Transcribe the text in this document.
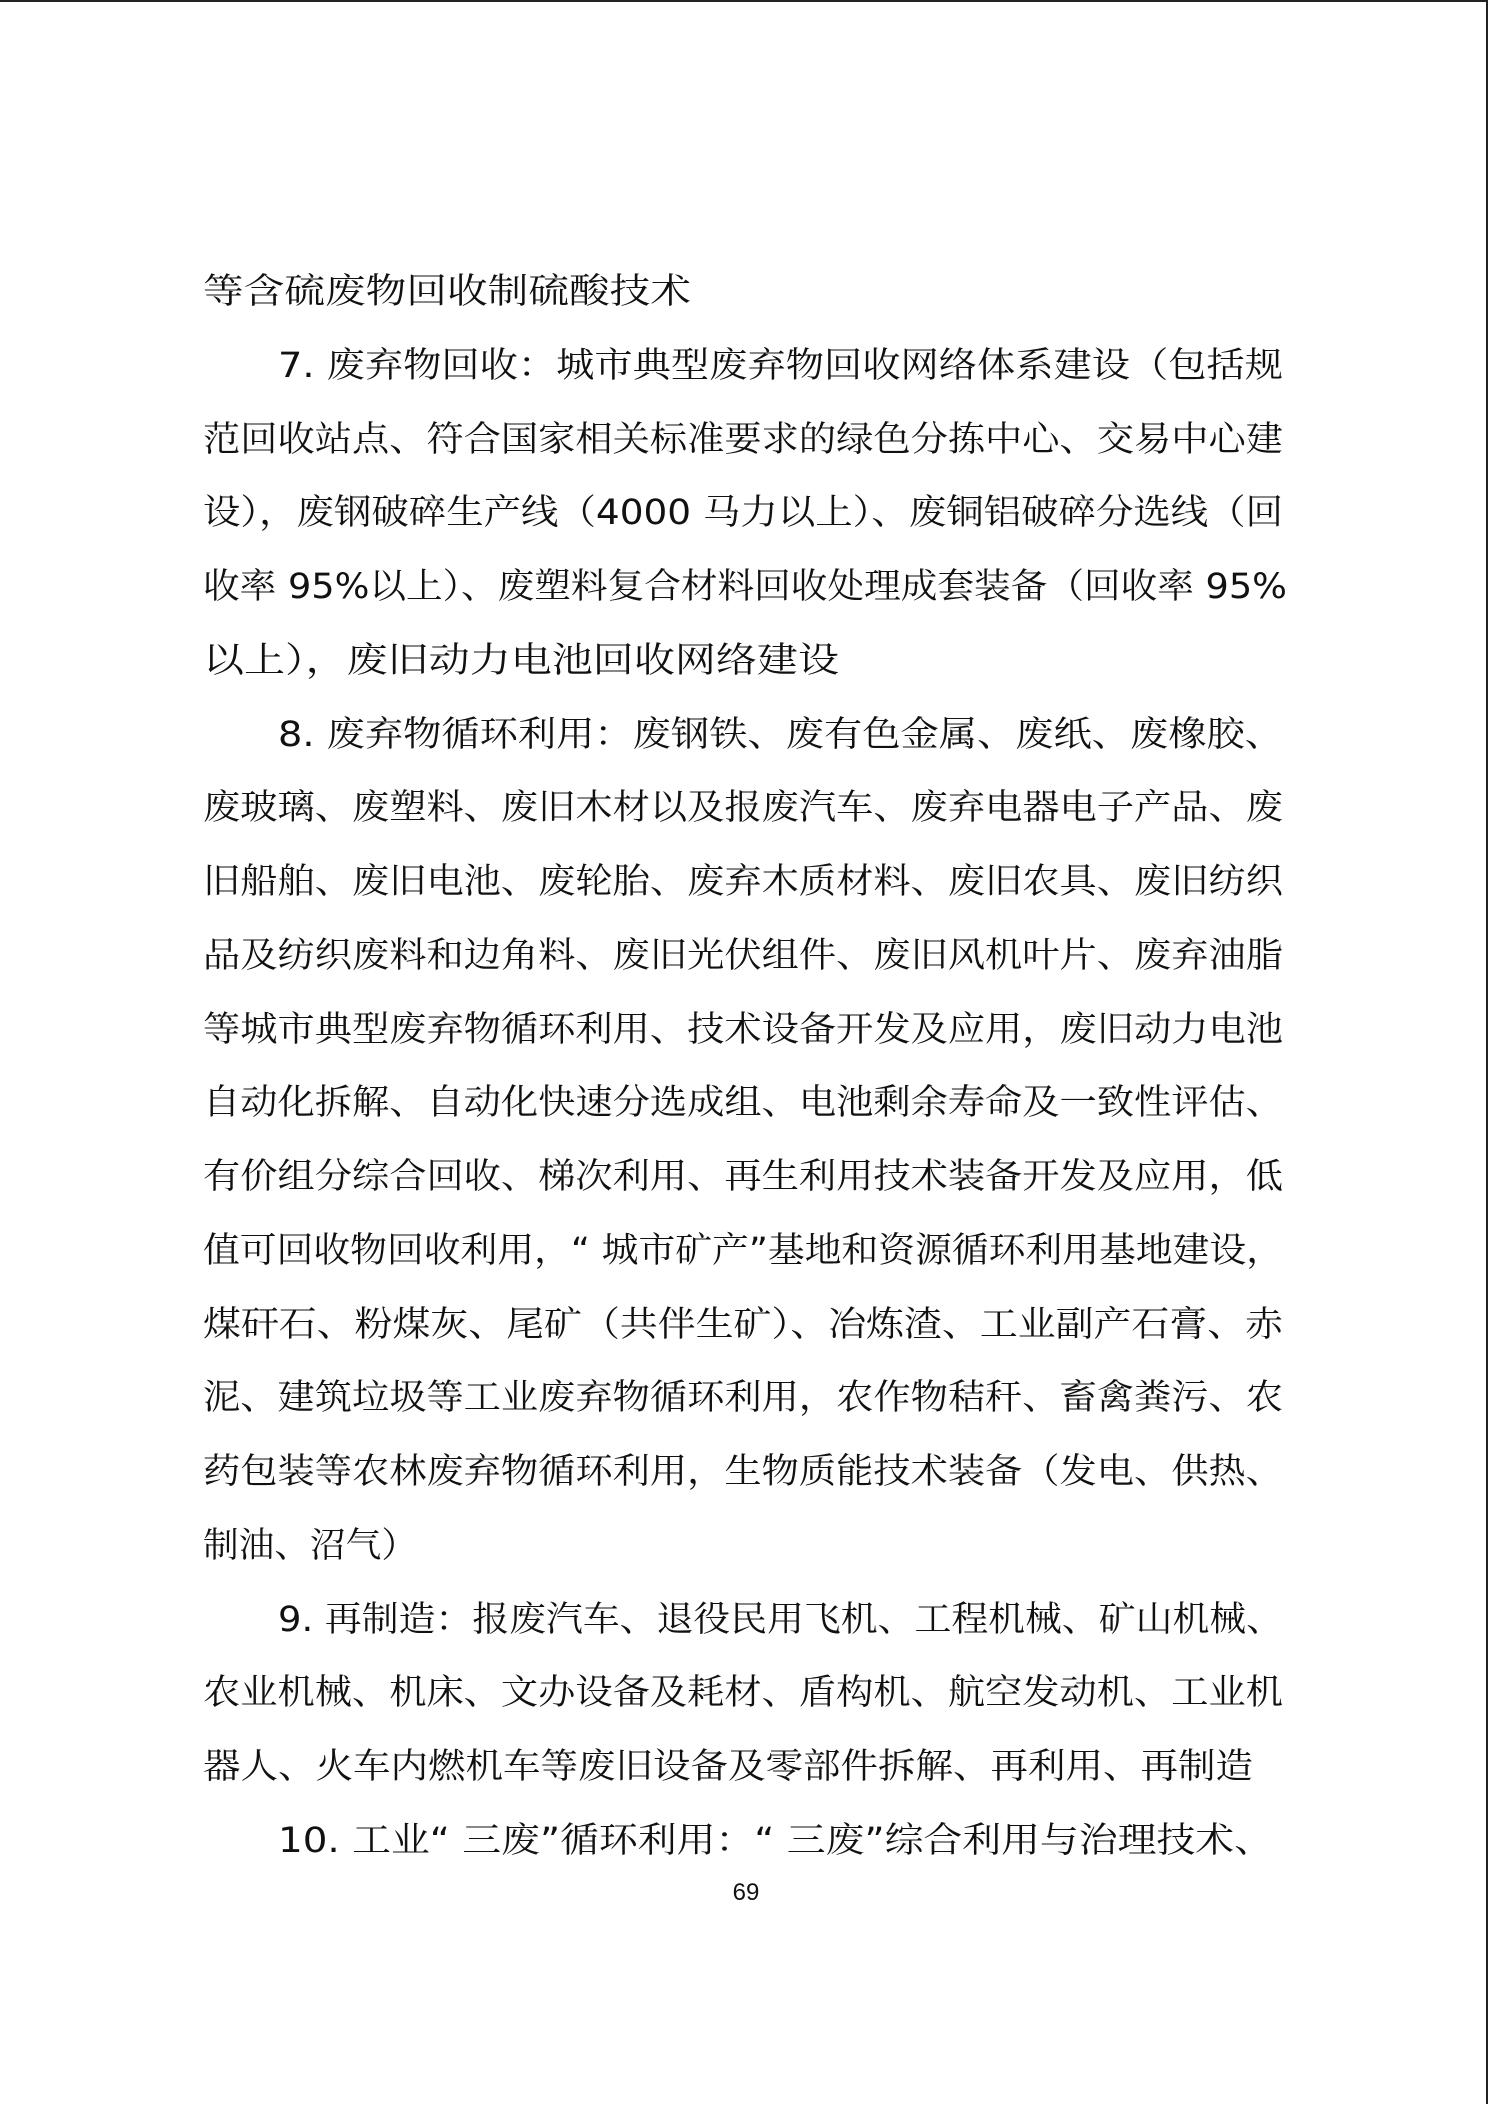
等含硫废物回收制硫酸技术
7. 废弃物回收：城市典型废弃物回收网络体系建设（包括规
范回收站点、符合国家相关标准要求的绿色分拣中心、交易中心建
设），废钢破碎生产线（4000 马力以上）、废铜铝破碎分选线（回
收率 95%以上）、废塑料复合材料回收处理成套装备（回收率 95%
以上），废旧动力电池回收网络建设
8. 废弃物循环利用：废钢铁、废有色金属、废纸、废橡胶、
废玻璃、废塑料、废旧木材以及报废汽车、废弃电器电子产品、废
旧船舶、废旧电池、废轮胎、废弃木质材料、废旧农具、废旧纺织
品及纺织废料和边角料、废旧光伏组件、废旧风机叶片、废弃油脂
等城市典型废弃物循环利用、技术设备开发及应用，废旧动力电池
自动化拆解、自动化快速分选成组、电池剩余寿命及一致性评估、
有价组分综合回收、梯次利用、再生利用技术装备开发及应用，低
值可回收物回收利用，“ 城市矿产”基地和资源循环利用基地建设，
煤矸石、粉煤灰、尾矿（共伴生矿）、冶炼渣、工业副产石膏、赤
泥、建筑垃圾等工业废弃物循环利用，农作物秸秆、畜禽粪污、农
药包装等农林废弃物循环利用，生物质能技术装备（发电、供热、
制油、沼气）
9. 再制造：报废汽车、退役民用飞机、工程机械、矿山机械、
农业机械、机床、文办设备及耗材、盾构机、航空发动机、工业机
器人、火车内燃机车等废旧设备及零部件拆解、再利用、再制造
10. 工业“ 三废”循环利用：“ 三废”综合利用与治理技术、
69
